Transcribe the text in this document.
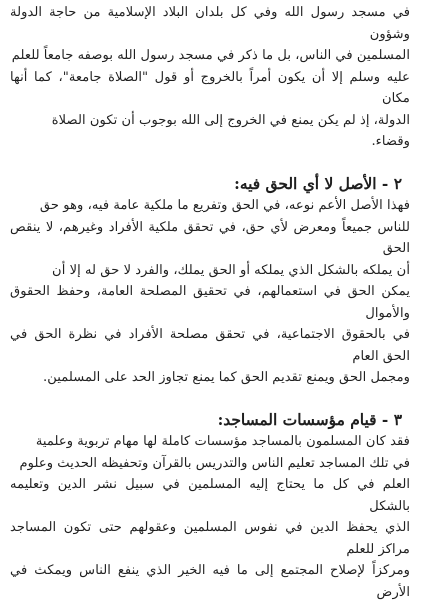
في مسجد رسول الله وفي كل بلدان البلاد الإسلامية من حاجة الدولة وشؤون

المسلمين في الناس، بل ما ذكر في مسجد رسول الله بوصفه جامعاً للعلم

عليه وسلم إلا أن يكون أمراً بالخروج أو قول "الصلاة جامعة"، كما أنها مكان

الدولة، إذ لم يكن يمنع في الخروج إلى الله بوجوب أن تكون الصلاة

وقضاء.

٢ - الأصل لا أي الحق فيه:

فهذا الأصل الأعم نوعه، في الحق وتفريع ما ملكية عامة فيه، وهو حق

للناس جميعاً ومعرض لأي حق، في تحقق ملكية الأفراد وغيرهم، لا ينقص الحق

أن يملكه بالشكل الذي يملكه أو الحق يملك، والفرد لا حق له إلا أن

يمكن الحق في استعمالهم، في تحقيق المصلحة العامة، وحفظ الحقوق والأموال

في بالحقوق الاجتماعية، في تحقق مصلحة الأفراد في نظرة الحق في الحق العام

ومجمل الحق ويمنع تقديم الحق كما يمنع تجاوز الحد على المسلمين.

٣ - قيام مؤسسات المساجد:

فقد كان المسلمون بالمساجد مؤسسات كاملة لها مهام تربوية وعلمية

في تلك المساجد تعليم الناس والتدريس بالقرآن وتحفيظه الحديث وعلوم

العلم في كل ما يحتاج إليه المسلمين في سبيل نشر الدين وتعليمه بالشكل

الذي يحفظ الدين في نفوس المسلمين وعقولهم حتى تكون المساجد مراكز للعلم

ومركزاً لإصلاح المجتمع إلى ما فيه الخير الذي ينفع الناس ويمكث في الأرض
